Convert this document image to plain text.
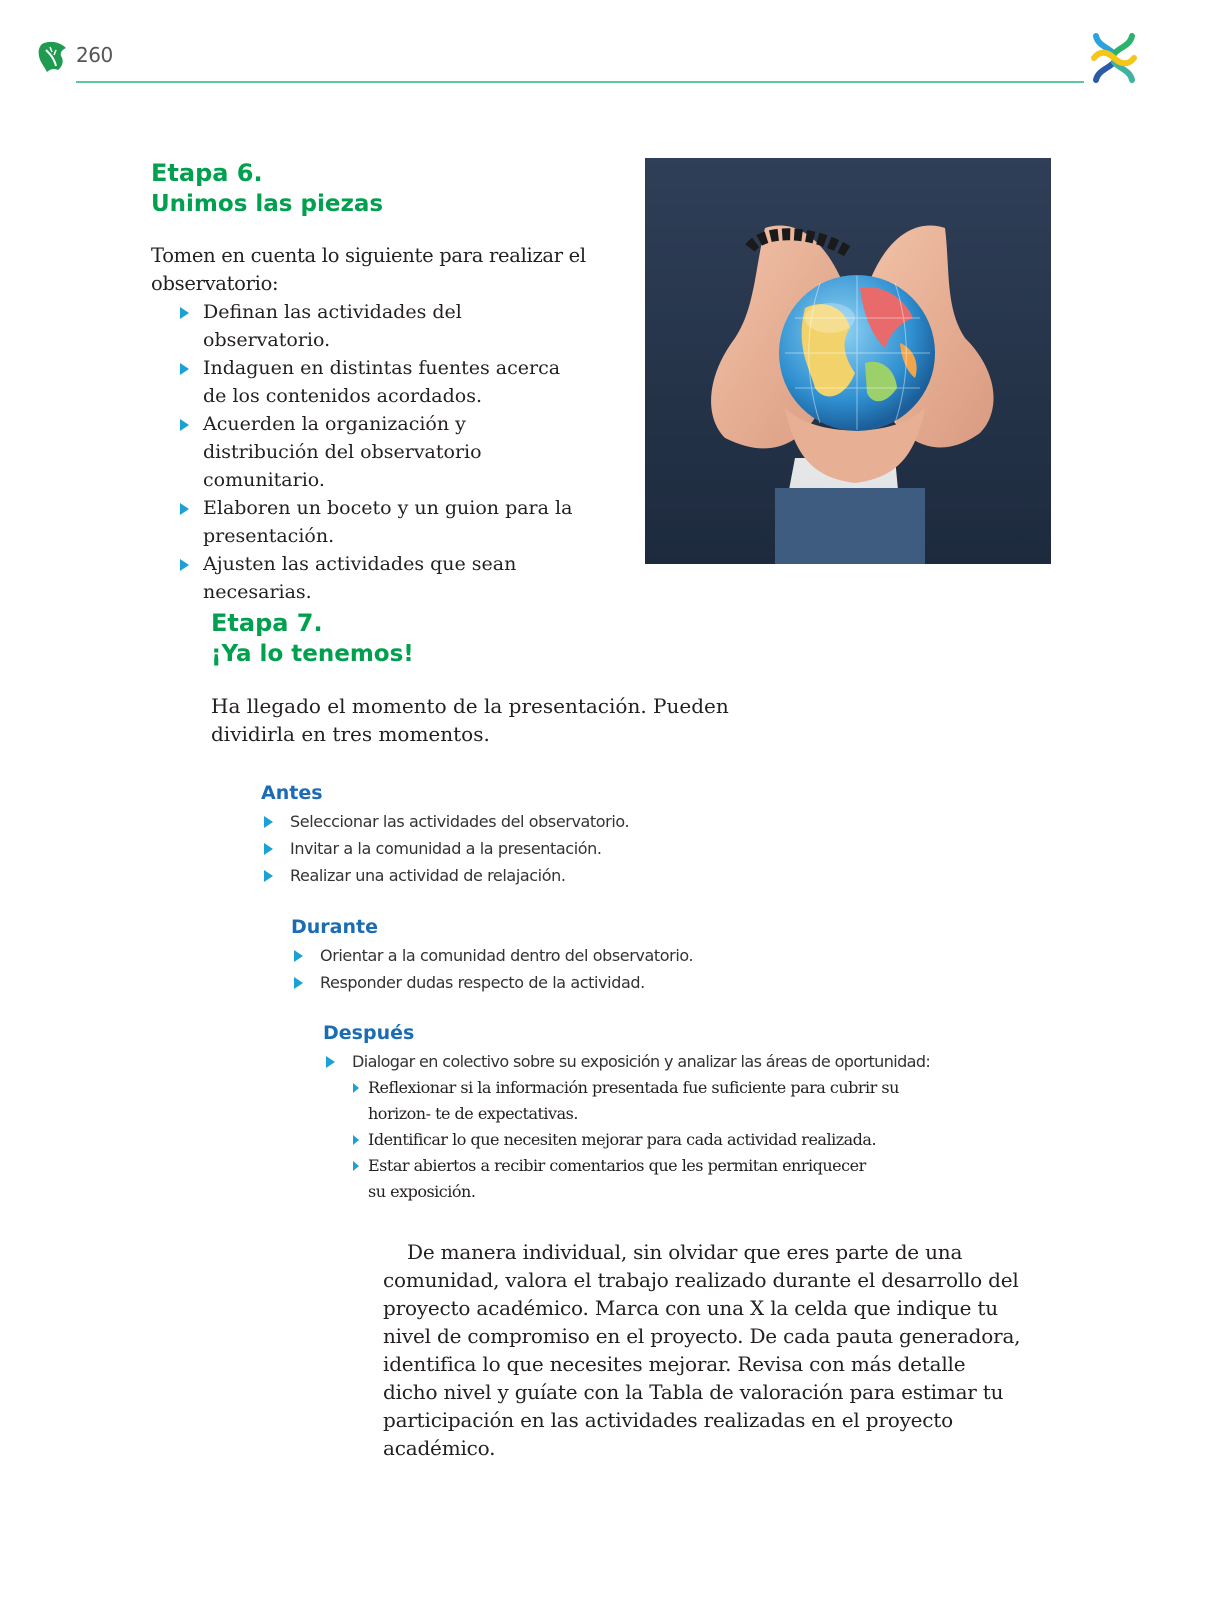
260
Etapa 6.
Unimos las piezas

Tomen en cuenta lo siguiente para realizar el observatorio:

Definan las actividades del observatorio.
Indaguen en distintas fuentes acerca de los contenidos acordados.
Acuerden la organización y distribución del observatorio comunitario.
Elaboren un boceto y un guion para la presentación.
Ajusten las actividades que sean necesarias.
Etapa 7.
¡Ya lo tenemos!

Ha llegado el momento de la presentación. Pueden dividirla en tres momentos.

Antes
Seleccionar las actividades del observatorio.
Invitar a la comunidad a la presentación.
Realizar una actividad de relajación.
Durante
Orientar a la comunidad dentro del observatorio.
Responder dudas respecto de la actividad.
Después
Dialogar en colectivo sobre su exposición y analizar las áreas de oportunidad:
Reflexionar si la información presentada fue suficiente para cubrir su horizon- te de expectativas.
Identificar lo que necesiten mejorar para cada actividad realizada.
Estar abiertos a recibir comentarios que les permitan enriquecer su exposición.

De manera individual, sin olvidar que eres parte de una comunidad, valora el trabajo realizado durante el desarrollo del proyecto académico. Marca con una X la celda que indique tu nivel de compromiso en el proyecto. De cada pauta generadora, identifica lo que necesites mejorar. Revisa con más detalle dicho nivel y guíate con la Tabla de valoración para estimar tu participación en las actividades realizadas en el proyecto académico.
